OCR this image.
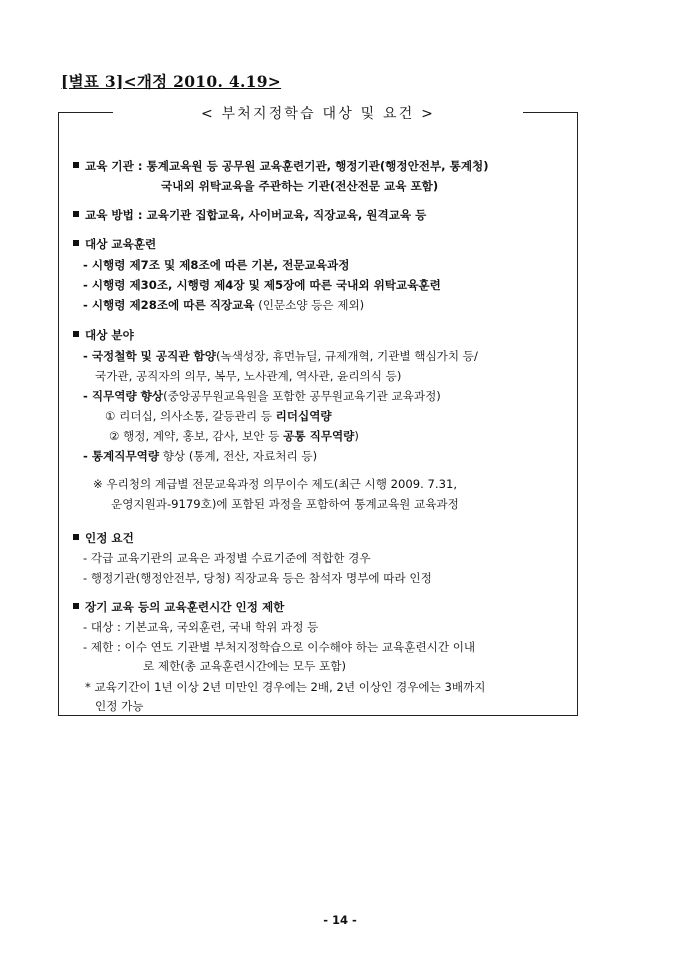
[별표 3]<개정 2010. 4.19>
< 부처지정학습 대상 및 요건 >
교육 기관 : 통계교육원 등 공무원 교육훈련기관, 행정기관(행정안전부, 통계청)
국내외 위탁교육을 주관하는 기관(전산전문 교육 포함)
교육 방법 : 교육기관 집합교육, 사이버교육, 직장교육, 원격교육 등
대상 교육훈련
- 시행령 제7조 및 제8조에 따른 기본, 전문교육과정
- 시행령 제30조, 시행령 제4장 및 제5장에 따른 국내외 위탁교육훈련
- 시행령 제28조에 따른 직장교육 (인문소양 등은 제외)
대상 분야
- 국정철학 및 공직관 함양(녹색성장, 휴먼뉴딜, 규제개혁, 기관별 핵심가치 등/
국가관, 공직자의 의무, 복무, 노사관계, 역사관, 윤리의식 등)
- 직무역량 향상(중앙공무원교육원을 포함한 공무원교육기관 교육과정)
① 리더십, 의사소통, 갈등관리 등 리더십역량
② 행정, 계약, 홍보, 감사, 보안 등 공통 직무역량)
- 통계직무역량 향상 (통계, 전산, 자료처리 등)
※ 우리청의 계급별 전문교육과정 의무이수 제도(최근 시행 2009. 7.31,
운영지원과-9179호)에 포함된 과정을 포함하여 통계교육원 교육과정
인정 요건
- 각급 교육기관의 교육은 과정별 수료기준에 적합한 경우
- 행정기관(행정안전부, 당청) 직장교육 등은 참석자 명부에 따라 인정
장기 교육 등의 교육훈련시간 인정 제한
- 대상 : 기본교육, 국외훈련, 국내 학위 과정 등
- 제한 : 이수 연도 기관별 부처지정학습으로 이수해야 하는 교육훈련시간 이내
로 제한(총 교육훈련시간에는 모두 포함)
* 교육기간이 1년 이상 2년 미만인 경우에는 2배, 2년 이상인 경우에는 3배까지
인정 가능
- 14 -
